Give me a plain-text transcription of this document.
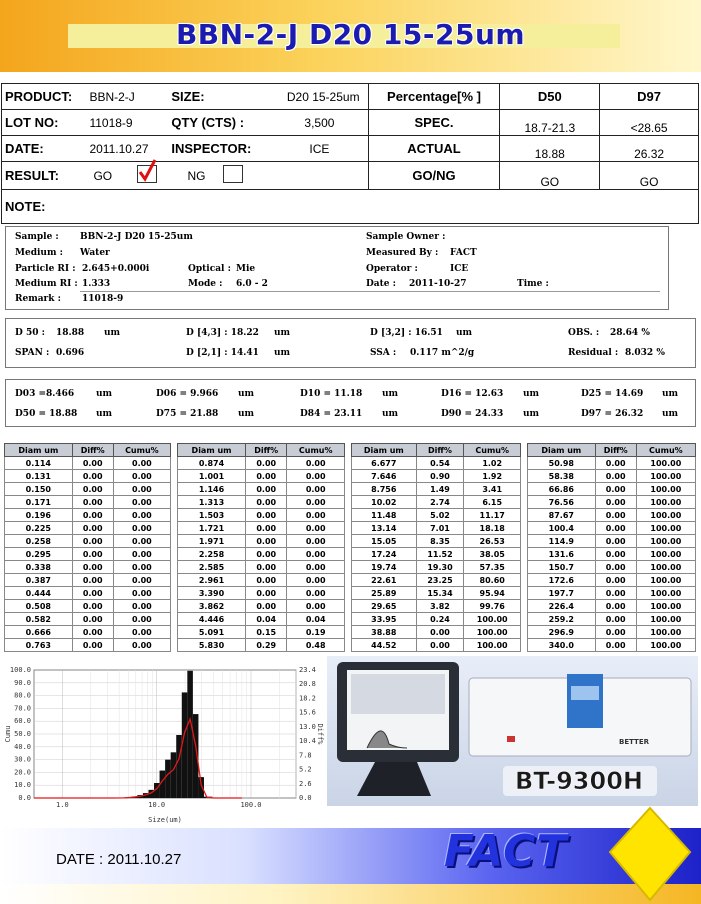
BBN-2-J D20 15-25um
PRODUCT:	BBN-2-J	SIZE:	D20 15-25um	Percentage[% ]	D50	D97
LOT NO:	11018-9	QTY (CTS) :	3,500	SPEC.	18.7-21.3	<28.65
DATE:	2011.10.27	INSPECTOR:	ICE	ACTUAL	18.88	26.32
RESULT:	GO NG			GO/NG	GO	GO
NOTE:						
Sample : BBN-2-J D20 15-25um	Sample Owner :
Medium : Water	Measured By : FACT
Particle RI : 2.645+0.000i	Optical : Mie	Operator :	ICE
Medium RI : 1.333	Mode : 6.0 - 2	Date : 2011-10-27	Time :
Remark : 11018-9
D 50 : 18.88 um	D [4,3] : 18.22 um	D [3,2] : 16.51 um	OBS. : 28.64 %
SPAN : 0.696	D [2,1] : 14.41 um	SSA : 0.117 m^2/g	Residual : 8.032 %
D03 =8.466 um	D06 = 9.966 um	D10 = 11.18 um	D16 = 12.63 um	D25 = 14.69 um
D50 = 18.88 um	D75 = 21.88 um	D84 = 23.11 um	D90 = 24.33 um	D97 = 26.32 um
Diam um	Diff%	Cumu%
0.114	0.00	0.00
0.131	0.00	0.00
0.150	0.00	0.00
0.171	0.00	0.00
0.196	0.00	0.00
0.225	0.00	0.00
0.258	0.00	0.00
0.295	0.00	0.00
0.338	0.00	0.00
0.387	0.00	0.00
0.444	0.00	0.00
0.508	0.00	0.00
0.582	0.00	0.00
0.666	0.00	0.00
0.763	0.00	0.00
Diam um	Diff%	Cumu%
0.874	0.00	0.00
1.001	0.00	0.00
1.146	0.00	0.00
1.313	0.00	0.00
1.503	0.00	0.00
1.721	0.00	0.00
1.971	0.00	0.00
2.258	0.00	0.00
2.585	0.00	0.00
2.961	0.00	0.00
3.390	0.00	0.00
3.862	0.00	0.00
4.446	0.04	0.04
5.091	0.15	0.19
5.830	0.29	0.48
Diam um	Diff%	Cumu%
6.677	0.54	1.02
7.646	0.90	1.92
8.756	1.49	3.41
10.02	2.74	6.15
11.48	5.02	11.17
13.14	7.01	18.18
15.05	8.35	26.53
17.24	11.52	38.05
19.74	19.30	57.35
22.61	23.25	80.60
25.89	15.34	95.94
29.65	3.82	99.76
33.95	0.24	100.00
38.88	0.00	100.00
44.52	0.00	100.00
Diam um	Diff%	Cumu%
50.98	0.00	100.00
58.38	0.00	100.00
66.86	0.00	100.00
76.56	0.00	100.00
87.67	0.00	100.00
100.4	0.00	100.00
114.9	0.00	100.00
131.6	0.00	100.00
150.7	0.00	100.00
172.6	0.00	100.00
197.7	0.00	100.00
226.4	0.00	100.00
259.2	0.00	100.00
296.9	0.00	100.00
340.0	0.00	100.00
0.0
10.0
20.0
30.0
40.0
50.0
60.0
70.0
80.0
90.0
100.0
0.0
2.6
5.2
7.8
10.4
13.0
15.6
18.2
20.8
23.4
1.0	10.0	100.0
Size(um)
Cumu	Diff%	BETTER
BT-9300H
DATE : 2011.10.27	FACT
